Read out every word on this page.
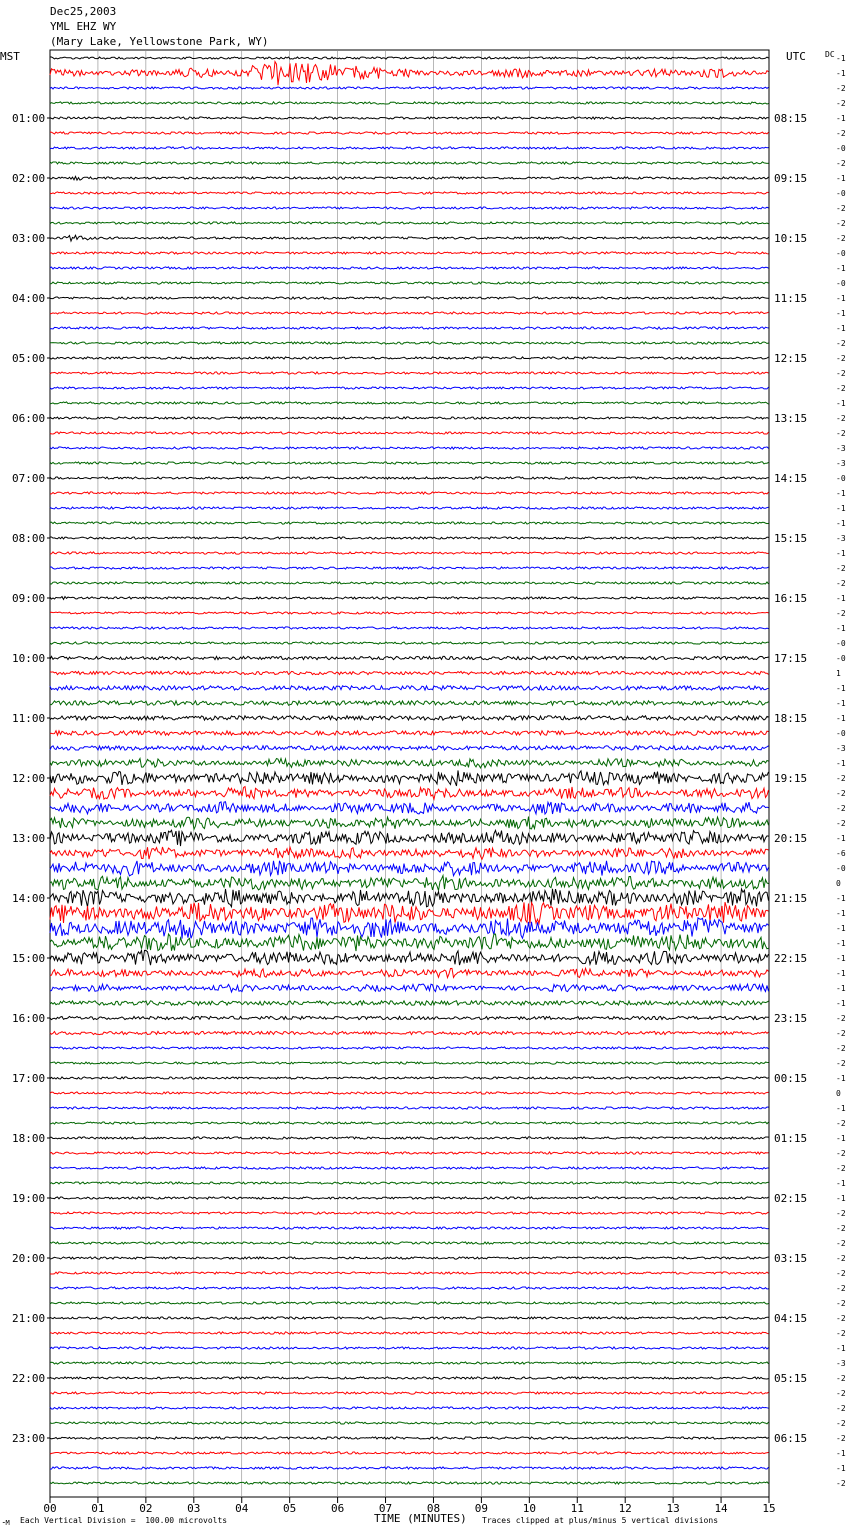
Dec25,2003
YML EHZ WY
(Mary Lake, Yellowstone Park, WY)
MST	UTC DC
00	01	02	03	04	05	06	07	08	09	10	11	12	13	14	15
-1
-1
-2
-2
-1
-2
-0
-2
-1
-0
-2
-2
-2
-0
-1
-0
-1
-1
-1
-2
-2
-2
-2
-1
-2
-2
-3
-3
-0
-1
-1
-1
-3
-1
-2
-2
-1
-2
-1
-0
-0
1
-1
-1
-1
-0
-3
-1
-2
-2
-2
-2
-1
-6
-0
0
-1
-1
-1
-1
-1
-1
-1
-1
-2
-2
-2
-2
-1
0
-1
-2
-1
-2
-2
-1
-1
-2
-2
-2
-2
-2
-2
-2
-2
-2
-1
-3
-2
-2
-2
-2
-2
-1
-1
-2
01:00
02:00
03:00
04:00
05:00
06:00
07:00
08:00
09:00
10:00
11:00
12:00
13:00
14:00
15:00
16:00
17:00
18:00
19:00
20:00
21:00
22:00
23:00
08:15
09:15
10:15
11:15
12:15
13:15
14:15
15:15
16:15
17:15
18:15
19:15
20:15
21:15
22:15
23:15
00:15
01:15
02:15
03:15
04:15
05:15
06:15
⁃M Each Vertical Division =  100.00 microvolts	TIME (MINUTES) Traces clipped at plus/minus 5 vertical divisions
